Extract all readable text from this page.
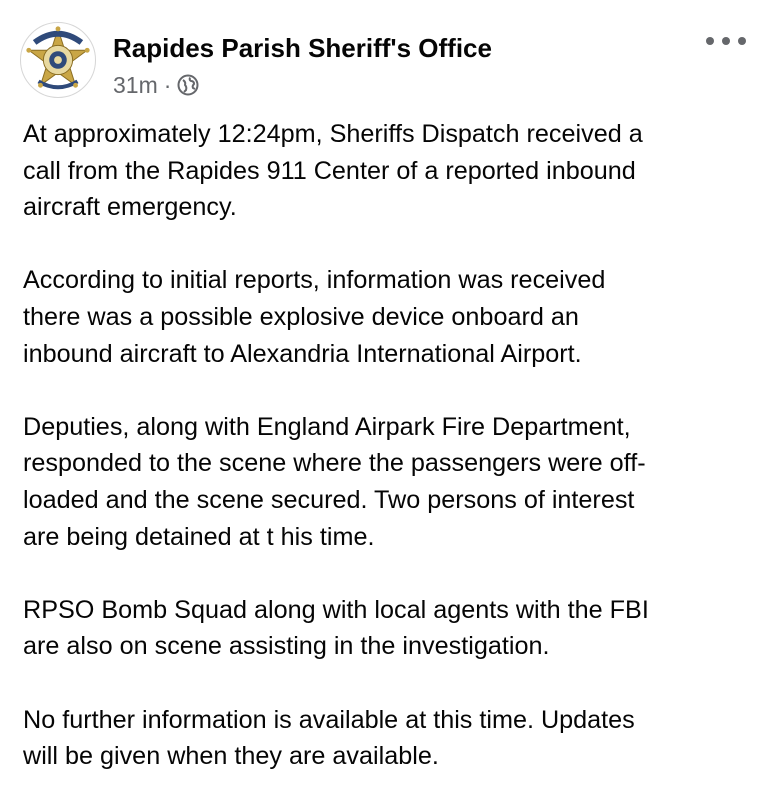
Rapides Parish Sheriff's Office
31m ·

At approximately 12:24pm, Sheriffs Dispatch received a
call from the Rapides 911 Center of a reported inbound
aircraft emergency.

According to initial reports, information was received
there was a possible explosive device onboard an
inbound aircraft to Alexandria International Airport.

Deputies, along with England Airpark Fire Department,
responded to the scene where the passengers were off-
loaded and the scene secured. Two persons of interest
are being detained at t his time.

RPSO Bomb Squad along with local agents with the FBI
are also on scene assisting in the investigation.

No further information is available at this time. Updates
will be given when they are available.
